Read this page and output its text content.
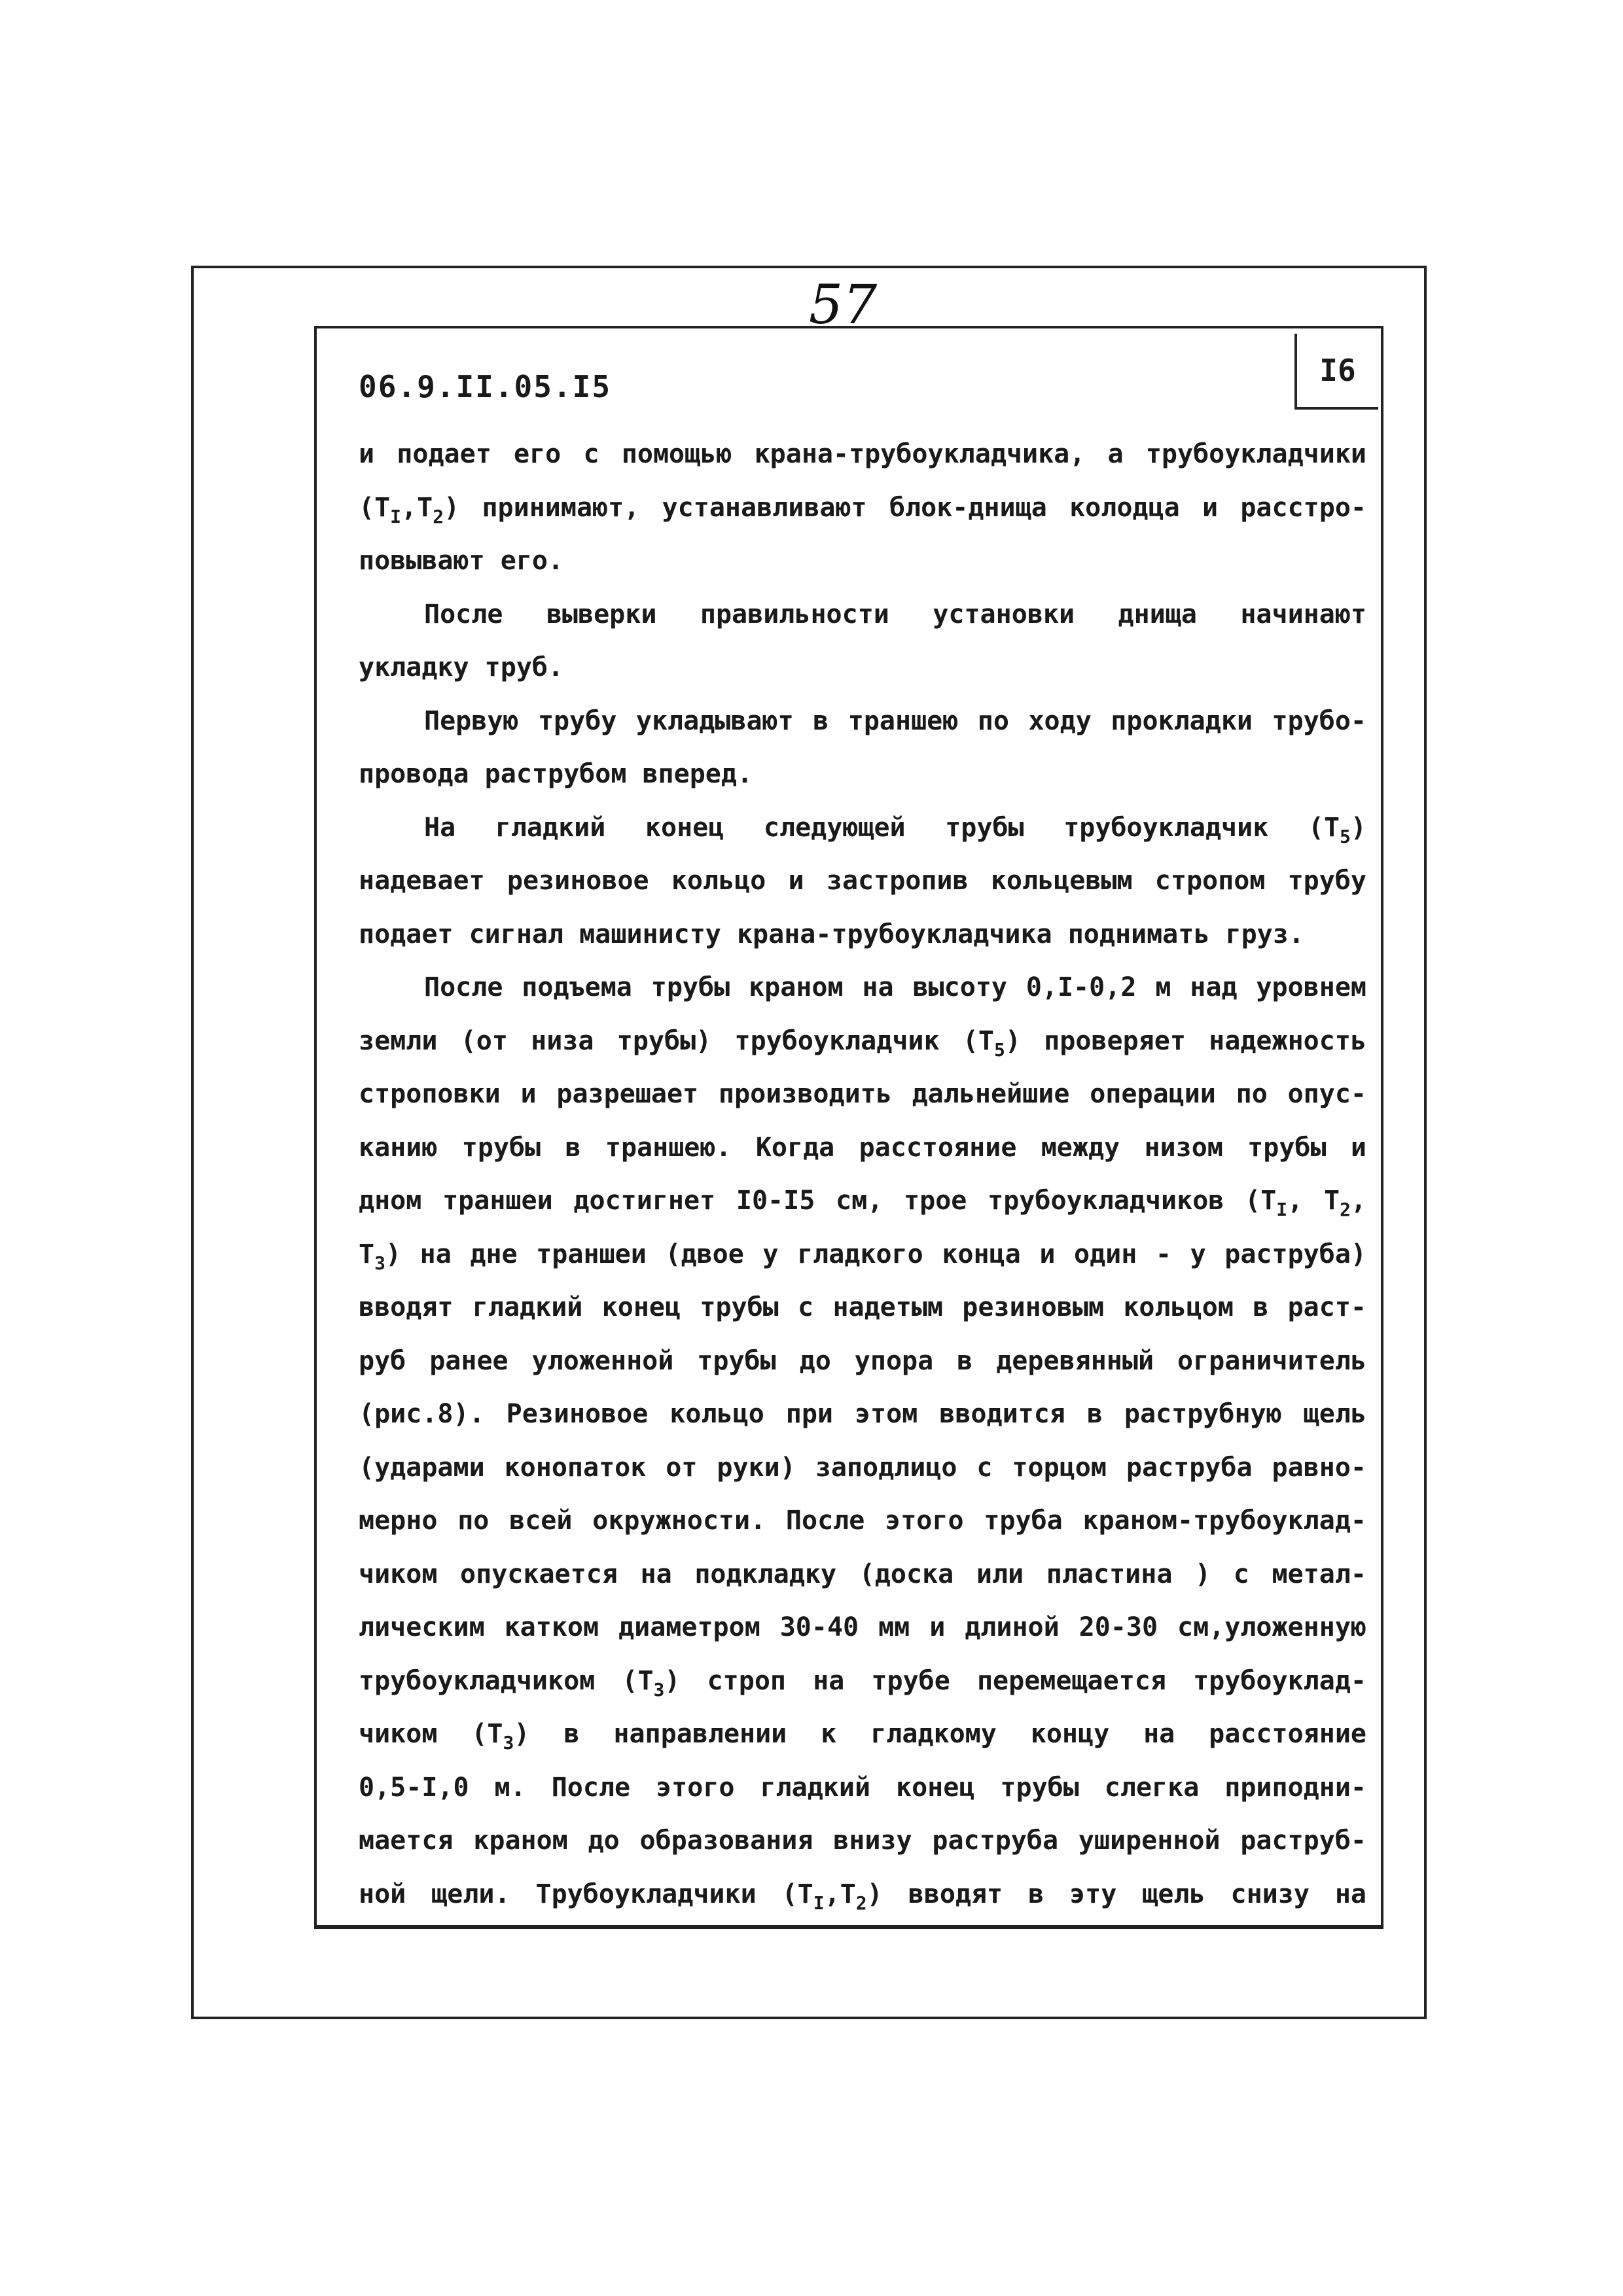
57
06.9.II.05.I5	I6
и подает его с помощью крана-трубоукладчика, а трубоукладчики
$(T_I,T_2)$ принимают, устанавливают блок-днища колодца и расстро-
повывают его.
После выверки правильности установки днища начинают
укладку труб.
Первую трубу укладывают в траншею по ходу прокладки трубо-
провода раструбом вперед.
На гладкий конец следующей трубы трубоукладчик $(T_5)$
надевает резиновое кольцо и застропив кольцевым стропом трубу
подает сигнал машинисту крана-трубоукладчика поднимать груз.
После подъема трубы краном на высоту 0,I-0,2 м над уровнем
земли (от низа трубы) трубоукладчик $(T_5)$ проверяет надежность
строповки и разрешает производить дальнейшие операции по опус-
канию трубы в траншею. Когда расстояние между низом трубы и
дном траншеи достигнет I0-I5 см, трое трубоукладчиков ($T_I$, $T_2$,
$T_3$) на дне траншеи (двое у гладкого конца и один - у раструба)
вводят гладкий конец трубы с надетым резиновым кольцом в раст-
руб ранее уложенной трубы до упора в деревянный ограничитель
(рис.8). Резиновое кольцо при этом вводится в раструбную щель
(ударами конопаток от руки) заподлицо с торцом раструба равно-
мерно по всей окружности. После этого труба краном-трубоуклад-
чиком опускается на подкладку (доска или пластина ) с метал-
лическим катком диаметром 30-40 мм и длиной 20-30 см,уложенную
трубоукладчиком $(T_3)$ строп на трубе перемещается трубоуклад-
чиком $(T_3)$ в направлении к гладкому концу на расстояние
0,5-I,0 м. После этого гладкий конец трубы слегка приподни-
мается краном до образования внизу раструба уширенной раструб-
ной щели. Трубоукладчики $(T_I,T_2)$ вводят в эту щель снизу на
